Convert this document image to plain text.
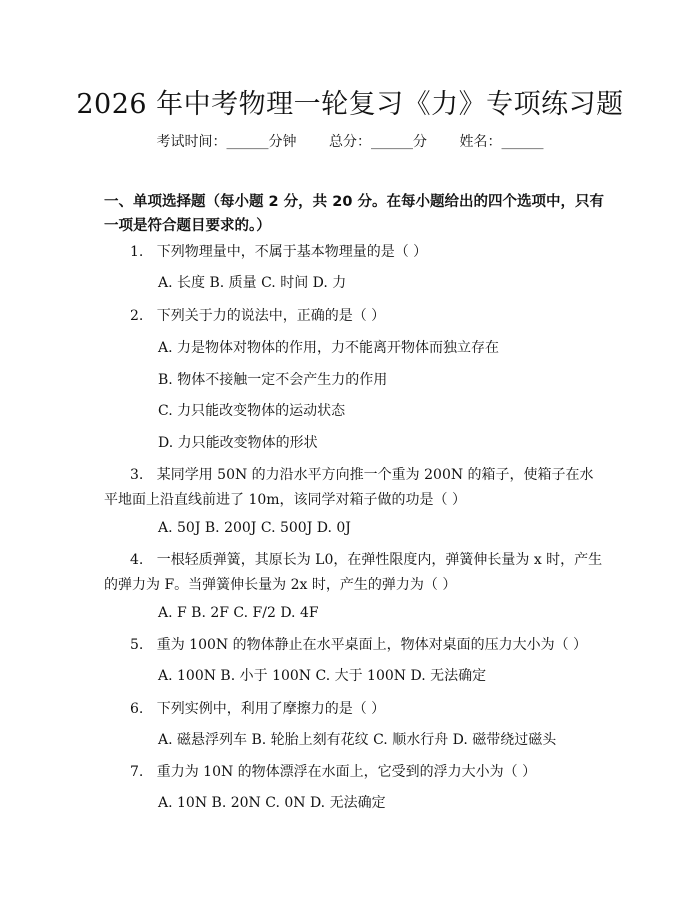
2026 年中考物理一轮复习《力》专项练习题
考试时间：______分钟 总分：______分 姓名：______
一、单项选择题（每小题 2 分，共 20 分。在每小题给出的四个选项中，只有一项是符合题目要求的。）
1. 下列物理量中，不属于基本物理量的是（ ）
A. 长度 B. 质量 C. 时间 D. 力
2. 下列关于力的说法中，正确的是（ ）
A. 力是物体对物体的作用，力不能离开物体而独立存在
B. 物体不接触一定不会产生力的作用
C. 力只能改变物体的运动状态
D. 力只能改变物体的形状
3. 某同学用 50N 的力沿水平方向推一个重为 200N 的箱子，使箱子在水平地面上沿直线前进了 10m，该同学对箱子做的功是（ ）
A. 50J B. 200J C. 500J D. 0J
4. 一根轻质弹簧，其原长为 L0，在弹性限度内，弹簧伸长量为 x 时，产生的弹力为 F。当弹簧伸长量为 2x 时，产生的弹力为（ ）
A. F B. 2F C. F/2 D. 4F
5. 重为 100N 的物体静止在水平桌面上，物体对桌面的压力大小为（ ）
A. 100N B. 小于 100N C. 大于 100N D. 无法确定
6. 下列实例中，利用了摩擦力的是（ ）
A. 磁悬浮列车 B. 轮胎上刻有花纹 C. 顺水行舟 D. 磁带绕过磁头
7. 重力为 10N 的物体漂浮在水面上，它受到的浮力大小为（ ）
A. 10N B. 20N C. 0N D. 无法确定
